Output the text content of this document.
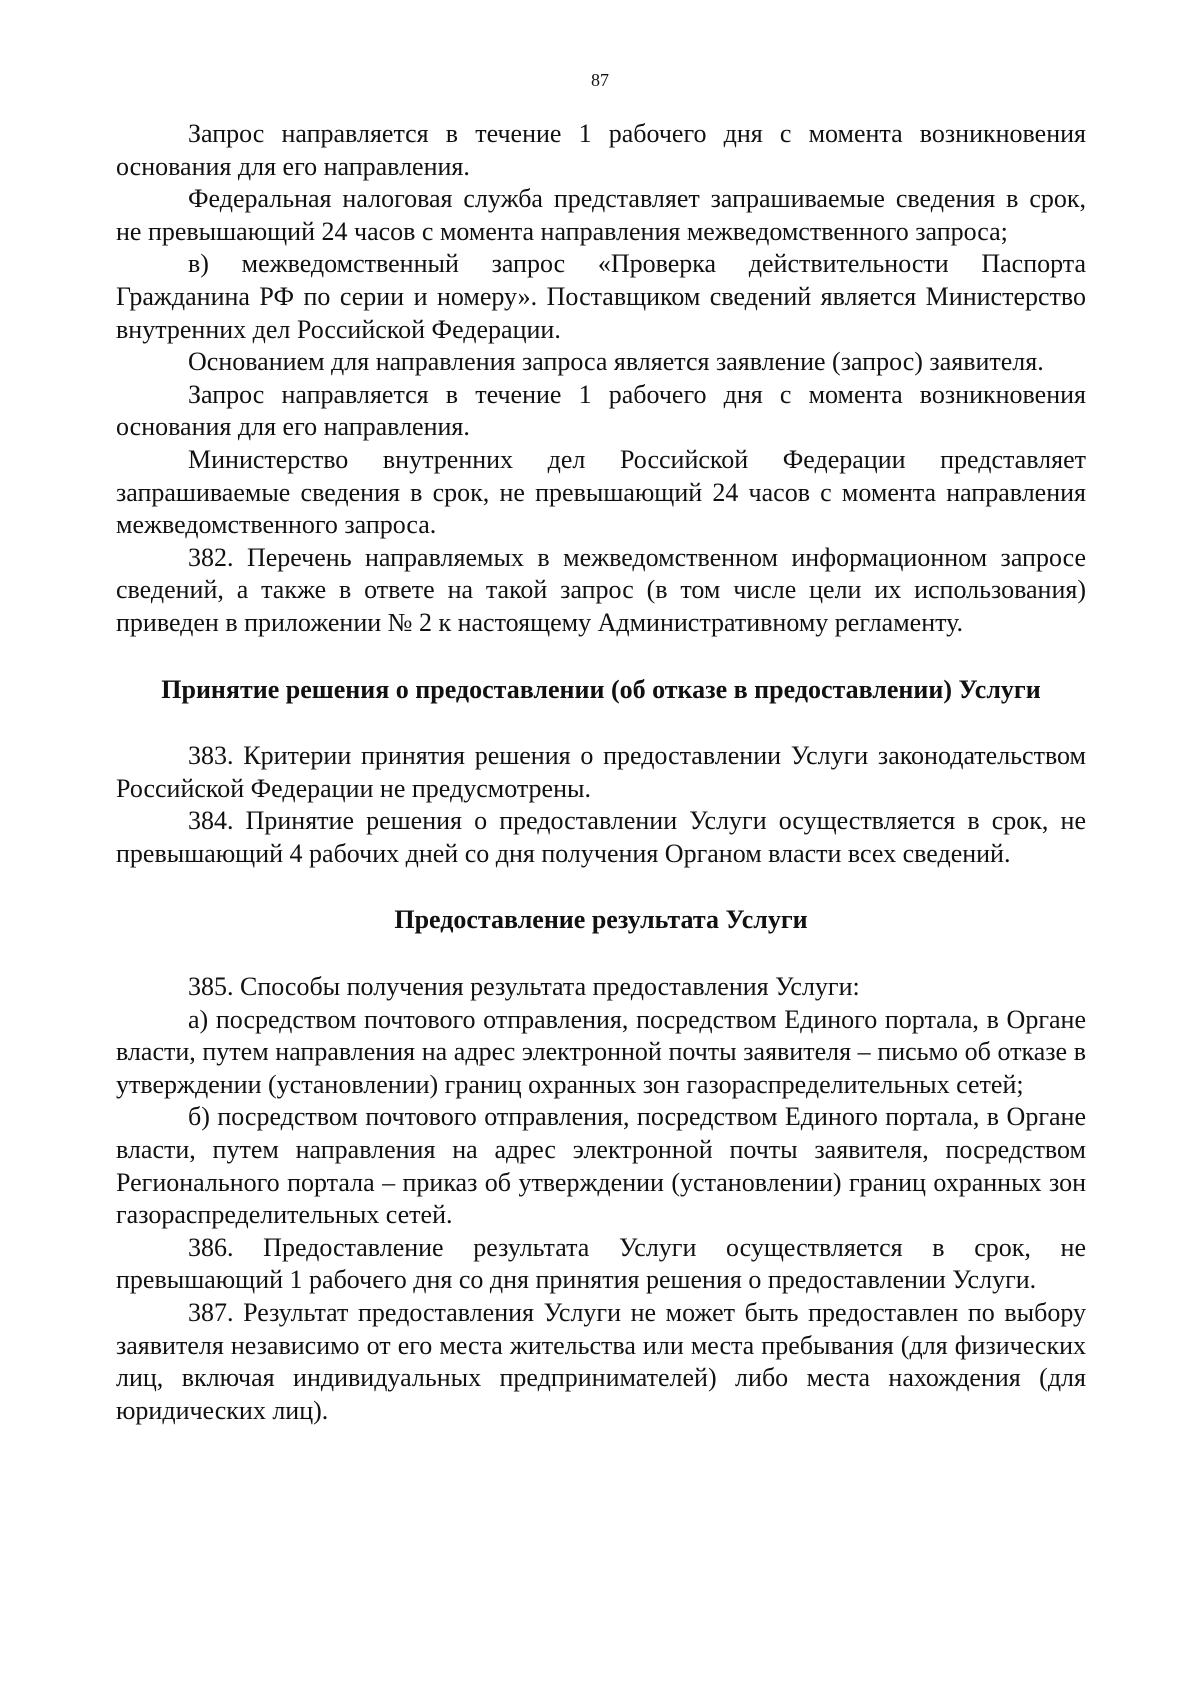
87

Запрос направляется в течение 1 рабочего дня с момента возникновения основания для его направления.

Федеральная налоговая служба представляет запрашиваемые сведения в срок, не превышающий 24 часов с момента направления межведомственного запроса;

в) межведомственный запрос «Проверка действительности Паспорта Гражданина РФ по серии и номеру». Поставщиком сведений является Министерство внутренних дел Российской Федерации.

Основанием для направления запроса является заявление (запрос) заявителя.

Запрос направляется в течение 1 рабочего дня с момента возникновения основания для его направления.

Министерство внутренних дел Российской Федерации представляет запрашиваемые сведения в срок, не превышающий 24 часов с момента направления межведомственного запроса.

382. Перечень направляемых в межведомственном информационном запросе сведений, а также в ответе на такой запрос (в том числе цели их использования) приведен в приложении № 2 к настоящему Административному регламенту.

Принятие решения о предоставлении (об отказе в предоставлении) Услуги

383. Критерии принятия решения о предоставлении Услуги законодательством Российской Федерации не предусмотрены.

384. Принятие решения о предоставлении Услуги осуществляется в срок, не превышающий 4 рабочих дней со дня получения Органом власти всех сведений.

Предоставление результата Услуги

385. Способы получения результата предоставления Услуги:

а) посредством почтового отправления, посредством Единого портала, в Органе власти, путем направления на адрес электронной почты заявителя – письмо об отказе в утверждении (установлении) границ охранных зон газораспределительных сетей;

б) посредством почтового отправления, посредством Единого портала, в Органе власти, путем направления на адрес электронной почты заявителя, посредством Регионального портала – приказ об утверждении (установлении) границ охранных зон газораспределительных сетей.

386. Предоставление результата Услуги осуществляется в срок, не превышающий 1 рабочего дня со дня принятия решения о предоставлении Услуги.

387. Результат предоставления Услуги не может быть предоставлен по выбору заявителя независимо от его места жительства или места пребывания (для физических лиц, включая индивидуальных предпринимателей) либо места нахождения (для юридических лиц).
